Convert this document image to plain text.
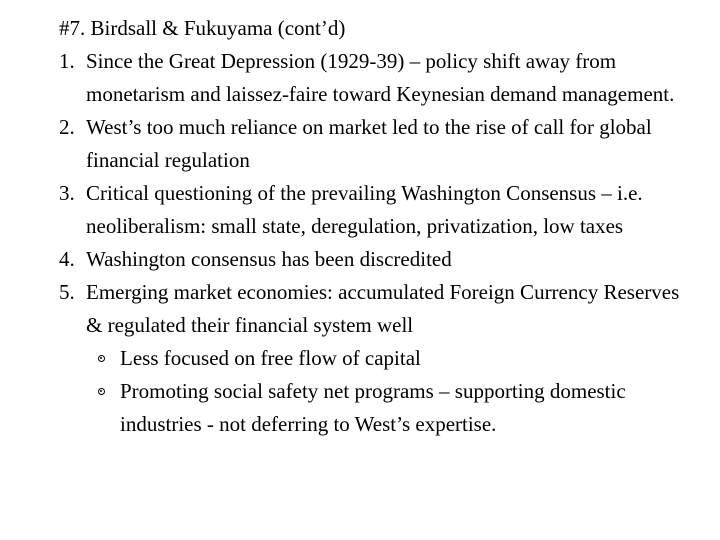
#7. Birdsall & Fukuyama (cont’d)
1. Since the Great Depression (1929-39) – policy shift away from monetarism and laissez-faire toward Keynesian demand management.
2. West’s too much reliance on market led to the rise of call for global financial regulation
3. Critical questioning of the prevailing Washington Consensus – i.e. neoliberalism: small state, deregulation, privatization, low taxes
4. Washington consensus has been discredited
5. Emerging market economies: accumulated Foreign Currency Reserves & regulated their financial system well
Less focused on free flow of capital
Promoting social safety net programs – supporting domestic industries - not deferring to West’s expertise.
